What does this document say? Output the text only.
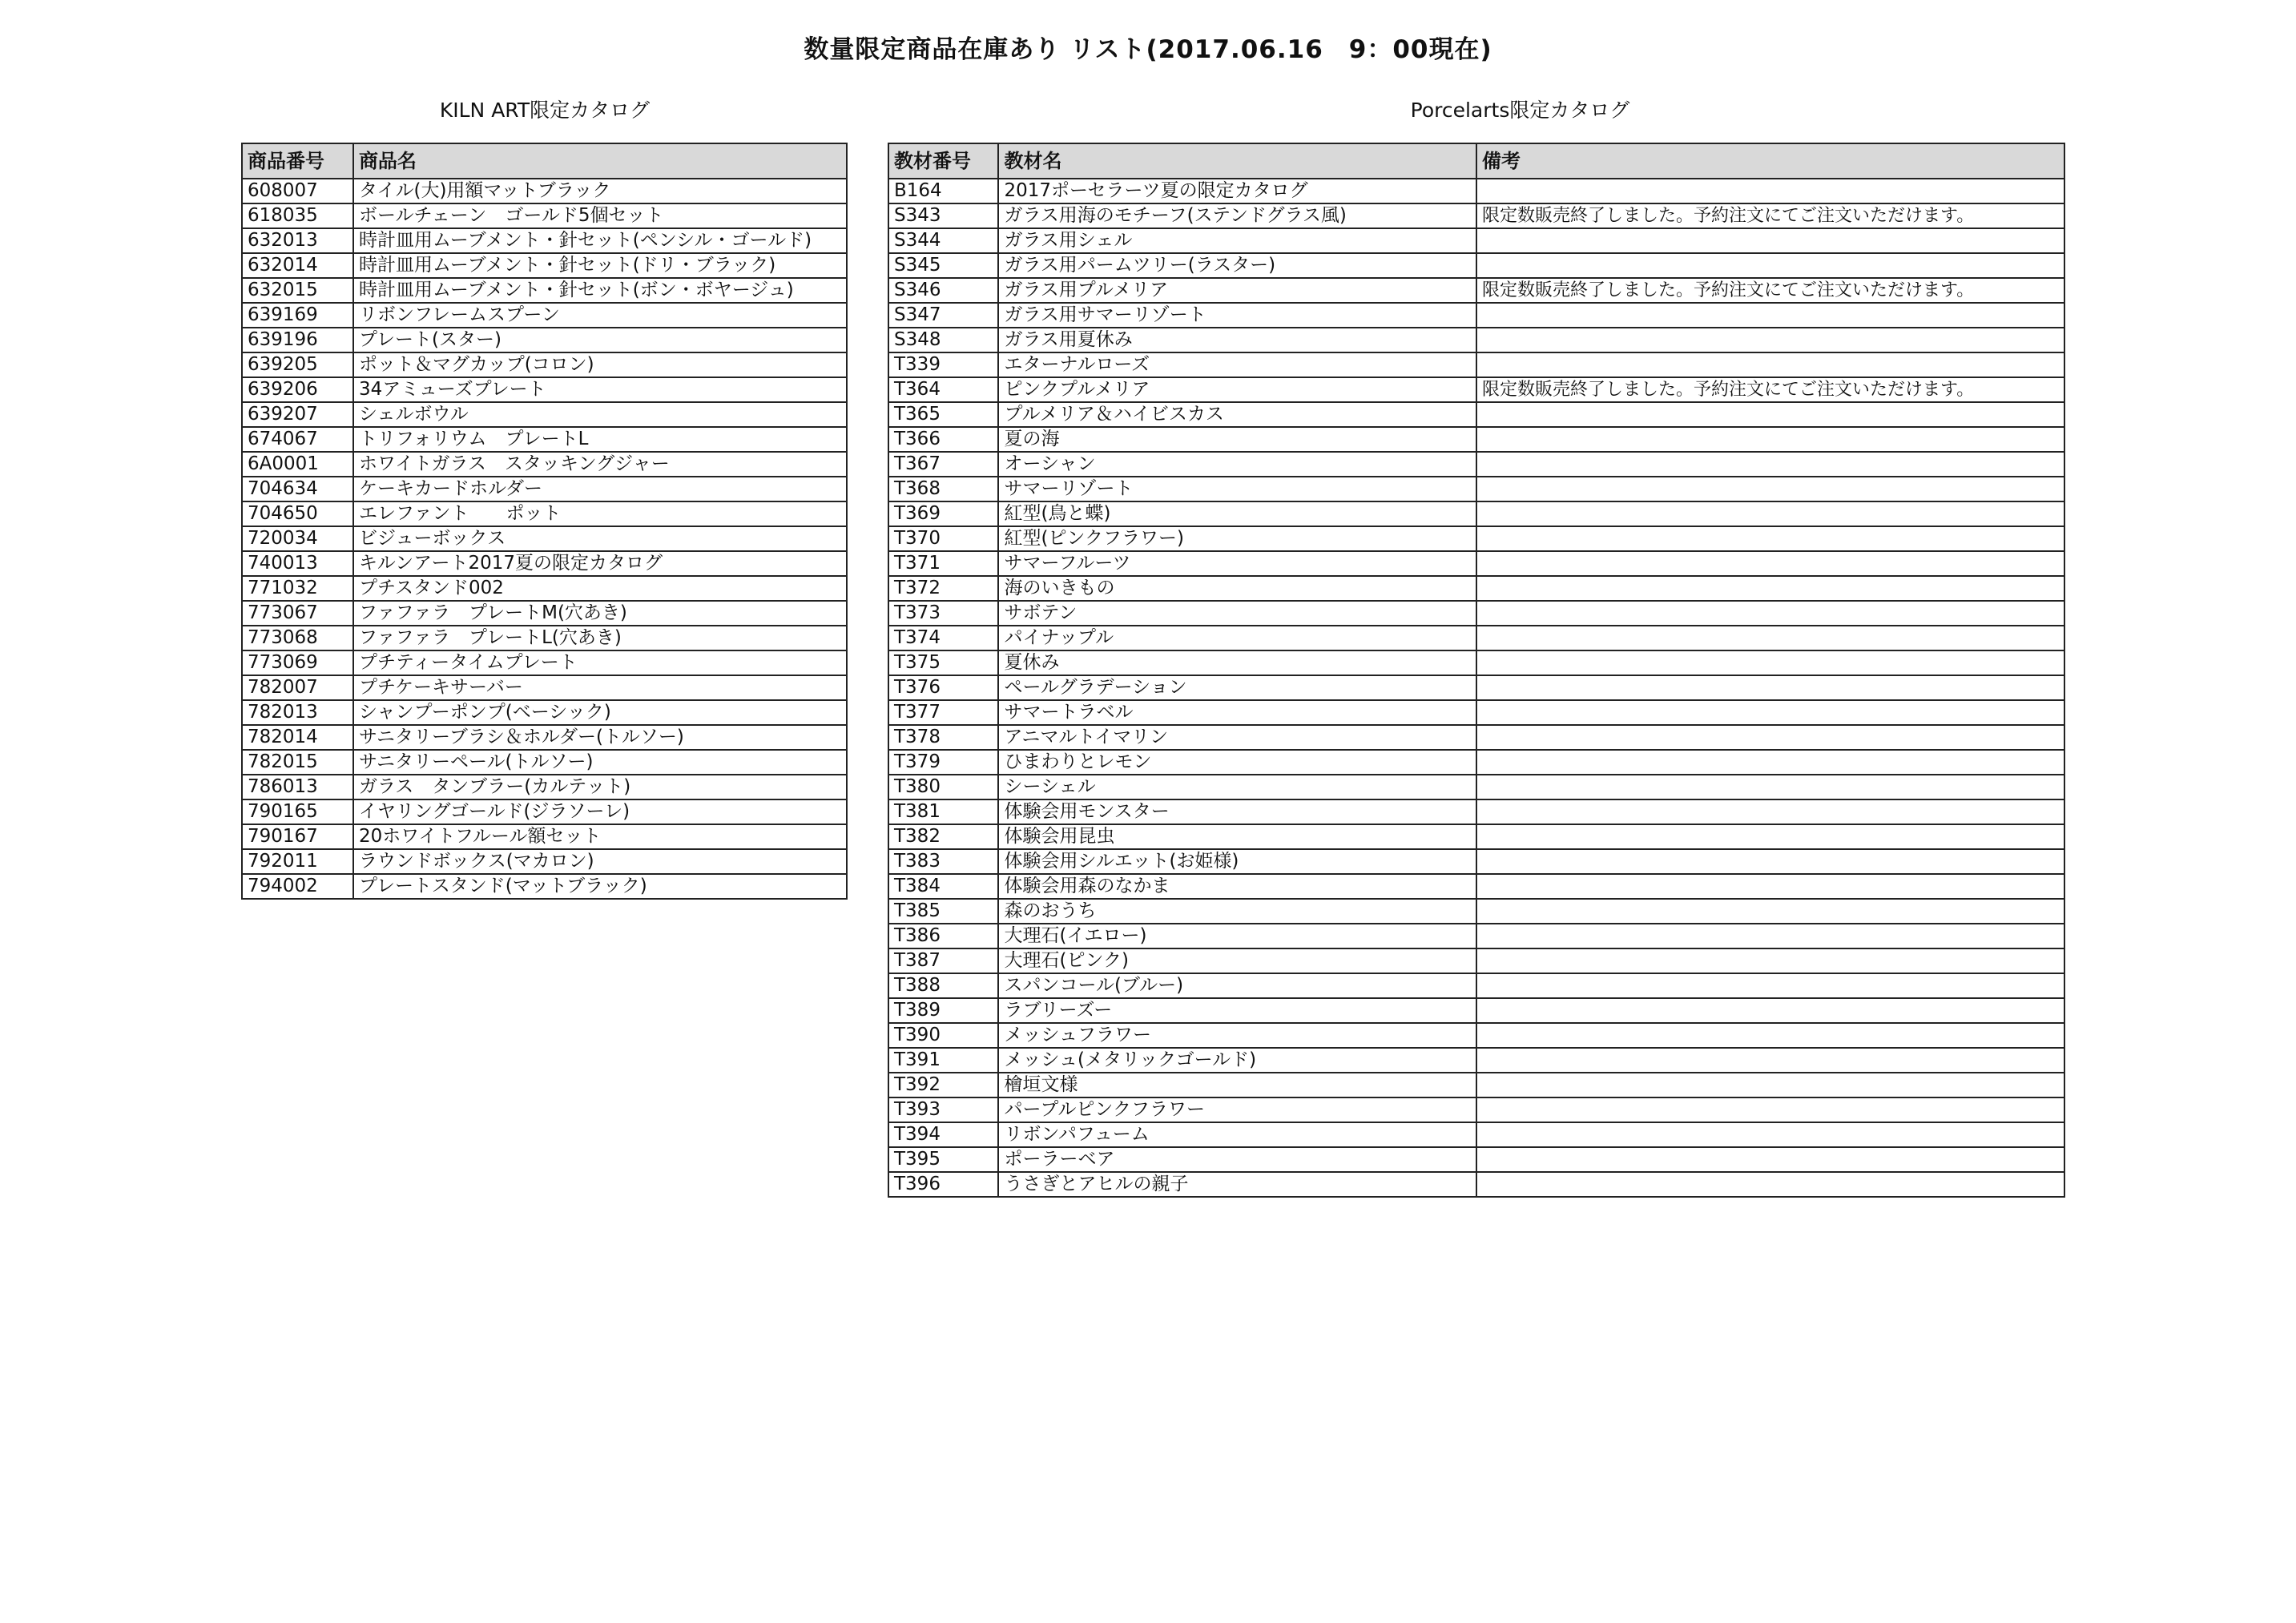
数量限定商品在庫あり リスト(2017.06.16　9：00現在)
KILN ART限定カタログ	Porcelarts限定カタログ
商品番号	商品名
608007	タイル(大)用額マットブラック
618035	ボールチェーン　ゴールド5個セット
632013	時計皿用ムーブメント・針セット(ペンシル・ゴールド)
632014	時計皿用ムーブメント・針セット(ドリ・ブラック)
632015	時計皿用ムーブメント・針セット(ボン・ボヤージュ)
639169	リボンフレームスプーン
639196	プレート(スター)
639205	ポット＆マグカップ(コロン)
639206	34アミューズプレート
639207	シェルボウル
674067	トリフォリウム　プレートL
6A0001	ホワイトガラス　スタッキングジャー
704634	ケーキカードホルダー
704650	エレファント　　ポット
720034	ビジューボックス
740013	キルンアート2017夏の限定カタログ
771032	プチスタンド002
773067	ファファラ　プレートM(穴あき)
773068	ファファラ　プレートL(穴あき)
773069	プチティータイムプレート
782007	プチケーキサーバー
782013	シャンプーポンプ(ベーシック)
782014	サニタリーブラシ＆ホルダー(トルソー)
782015	サニタリーペール(トルソー)
786013	ガラス　タンブラー(カルテット)
790165	イヤリングゴールド(ジラソーレ)
790167	20ホワイトフルール額セット
792011	ラウンドボックス(マカロン)
794002	プレートスタンド(マットブラック)
教材番号	教材名	備考
B164	2017ポーセラーツ夏の限定カタログ	
S343	ガラス用海のモチーフ(ステンドグラス風)	限定数販売終了しました。予約注文にてご注文いただけます。
S344	ガラス用シェル	
S345	ガラス用パームツリー(ラスター)	
S346	ガラス用プルメリア	限定数販売終了しました。予約注文にてご注文いただけます。
S347	ガラス用サマーリゾート	
S348	ガラス用夏休み	
T339	エターナルローズ	
T364	ピンクプルメリア	限定数販売終了しました。予約注文にてご注文いただけます。
T365	プルメリア＆ハイビスカス	
T366	夏の海	
T367	オーシャン	
T368	サマーリゾート	
T369	紅型(鳥と蝶)	
T370	紅型(ピンクフラワー)	
T371	サマーフルーツ	
T372	海のいきもの	
T373	サボテン	
T374	パイナップル	
T375	夏休み	
T376	ペールグラデーション	
T377	サマートラベル	
T378	アニマルトイマリン	
T379	ひまわりとレモン	
T380	シーシェル	
T381	体験会用モンスター	
T382	体験会用昆虫	
T383	体験会用シルエット(お姫様)	
T384	体験会用森のなかま	
T385	森のおうち	
T386	大理石(イエロー)	
T387	大理石(ピンク)	
T388	スパンコール(ブルー)	
T389	ラブリーズー	
T390	メッシュフラワー	
T391	メッシュ(メタリックゴールド)	
T392	檜垣文様	
T393	パープルピンクフラワー	
T394	リボンパフューム	
T395	ポーラーベア	
T396	うさぎとアヒルの親子	
